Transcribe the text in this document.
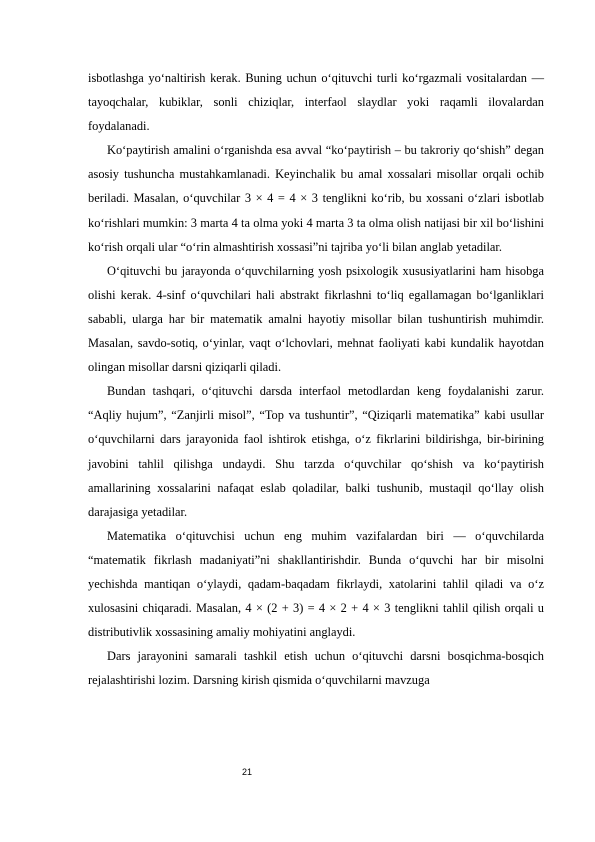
isbotlashga yo‘naltirish kerak. Buning uchun o‘qituvchi turli ko‘rgazmali vositalardan — tayoqchalar, kubiklar, sonli chiziqlar, interfaol slaydlar yoki raqamli ilovalardan foydalanadi.

Ko‘paytirish amalini o‘rganishda esa avval “ko‘paytirish – bu takroriy qo‘shish” degan asosiy tushuncha mustahkamlanadi. Keyinchalik bu amal xossalari misollar orqali ochib beriladi. Masalan, o‘quvchilar 3 × 4 = 4 × 3 tenglikni ko‘rib, bu xossani o‘zlari isbotlab ko‘rishlari mumkin: 3 marta 4 ta olma yoki 4 marta 3 ta olma olish natijasi bir xil bo‘lishini ko‘rish orqali ular “o‘rin almashtirish xossasi”ni tajriba yo‘li bilan anglab yetadilar.

O‘qituvchi bu jarayonda o‘quvchilarning yosh psixologik xususiyatlarini ham hisobga olishi kerak. 4-sinf o‘quvchilari hali abstrakt fikrlashni to‘liq egallamagan bo‘lganliklari sababli, ularga har bir matematik amalni hayotiy misollar bilan tushuntirish muhimdir. Masalan, savdo-sotiq, o‘yinlar, vaqt o‘lchovlari, mehnat faoliyati kabi kundalik hayotdan olingan misollar darsni qiziqarli qiladi.

Bundan tashqari, o‘qituvchi darsda interfaol metodlardan keng foydalanishi zarur. “Aqliy hujum”, “Zanjirli misol”, “Top va tushuntir”, “Qiziqarli matematika” kabi usullar o‘quvchilarni dars jarayonida faol ishtirok etishga, o‘z fikrlarini bildirishga, bir-birining javobini tahlil qilishga undaydi. Shu tarzda o‘quvchilar qo‘shish va ko‘paytirish amallarining xossalarini nafaqat eslab qoladilar, balki tushunib, mustaqil qo‘llay olish darajasiga yetadilar.

Matematika o‘qituvchisi uchun eng muhim vazifalardan biri — o‘quvchilarda “matematik fikrlash madaniyati”ni shakllantirishdir. Bunda o‘quvchi har bir misolni yechishda mantiqan o‘ylaydi, qadam-baqadam fikrlaydi, xatolarini tahlil qiladi va o‘z xulosasini chiqaradi. Masalan, 4 × (2 + 3) = 4 × 2 + 4 × 3 tenglikni tahlil qilish orqali u distributivlik xossasining amaliy mohiyatini anglaydi.

Dars jarayonini samarali tashkil etish uchun o‘qituvchi darsni bosqichma-bosqich rejalashtirishi lozim. Darsning kirish qismida o‘quvchilarni mavzuga

21
